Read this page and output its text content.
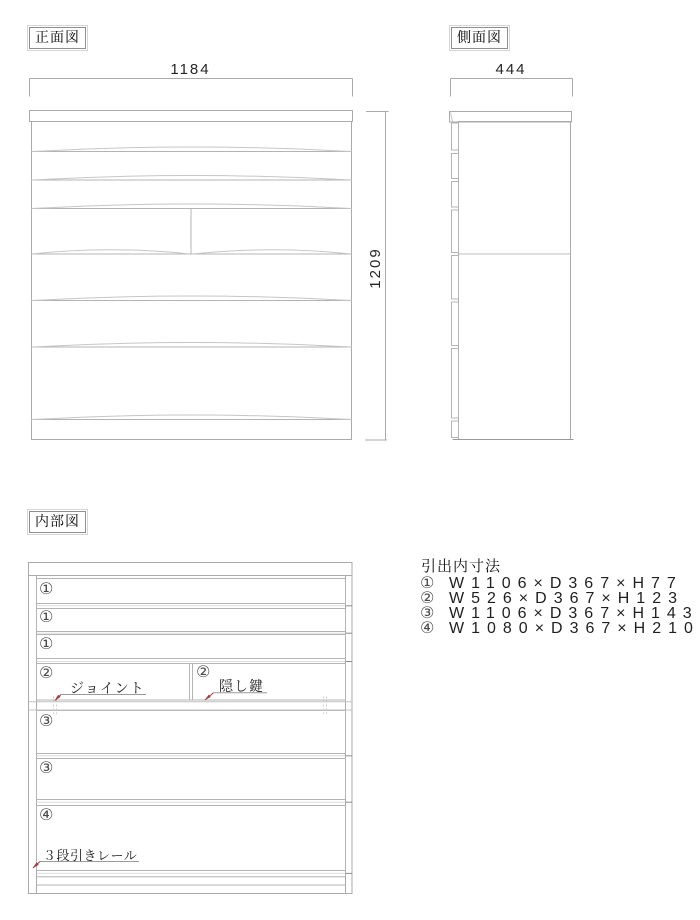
正面図	側面図
内部図
1184	444
1209
①
①
①
②	②
③
③
④
ジョイント	隠し鍵
３段引きレール
引出内寸法
① W1106×D367×H77
② W526×D367×H123
③ W1106×D367×H143
④ W1080×D367×H210
